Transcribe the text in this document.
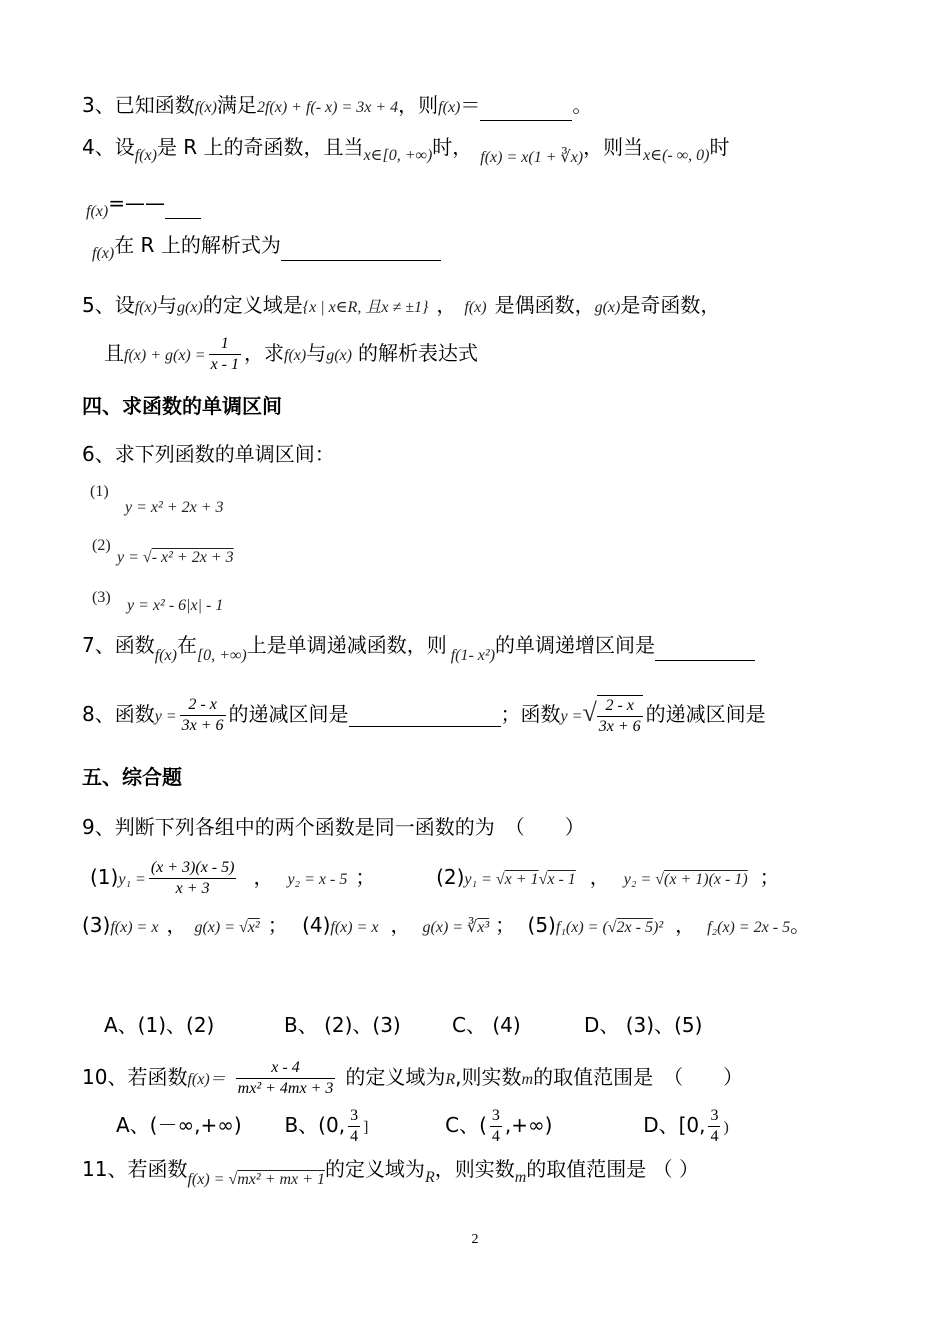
3、已知函数f(x)满足2f(x) + f(- x) = 3x + 4，则f(x)＝	。
4、设$_{f(x)}$是 R 上的奇函数，且当$_{x\in[0, +\infty)}$时， $_{f(x) = x(1 + ∛x)}$，则当$_{x\in(- \infty, 0)}$时
$_{f(x)}$=——
$_{f(x)}$在 R 上的解析式为
5、设f(x)与g(x)的定义域是{x | x∈R, 且x ≠ ±1} ， f(x) 是偶函数，g(x)是奇函数，
且$f(x) + g(x) = \frac{1}{x - 1}$ ，求f(x)与g(x) 的解析表达式
四、求函数的单调区间
6、求下列函数的单调区间：
$^{(1)}$ $_{y = x^2 + 2x + 3}$
$^{(2)}$ $_{y =}$ $_{√- x^2 + 2x + 3}$
(3) $_{y = x^2 - 6|x| - 1}$
7、函数$_{f(x)}$在$_{[0, +\infty)}$上是单调递减函数，则 $_{f(1- x^2)}$的单调递增区间是
8、函数$y = \frac{2 - x}{3x + 6}$ 的递减区间是	；函数y =√ $\frac{2 - x}{3x + 6}$ 的递减区间是
五、综合题
9、判断下列各组中的两个函数是同一函数的为　（　　）
$(1)y_1 = \frac{(x + 3)(x - 5)}{x + 3}$ ， y₂ = x - 5 ；	(2)y₁ = √x + 1√x - 1 ， y₂ = √(x + 1)(x - 1) ；
(3)f(x) = x ， g(x) = √x² ； (4)f(x) = x ， g(x) = ∛x³ ； (5)f₁(x) = (√2x - 5)² ， f₂(x) = 2x - 5。
A、(1)、(2)	B、 (2)、(3)	C、 (4)	D、 (3)、(5)
10、若函数$f(x)= \frac{x - 4}{\text{mx² + 4mx + 3}}$ 的定义域为R,则实数m的取值范围是　（　　）
A、(－∞,+∞) B、(0, $\frac{3}{4}$ ]	C、( $\frac{3}{4}$ ,+∞)	D、[0, $\frac{3}{4}$ )
11、若函数$_{f(x) =}$ $_{√mx^2 + mx + 1}$的定义域为$_R$，则实数$_m$的取值范围是 （ ）
2
